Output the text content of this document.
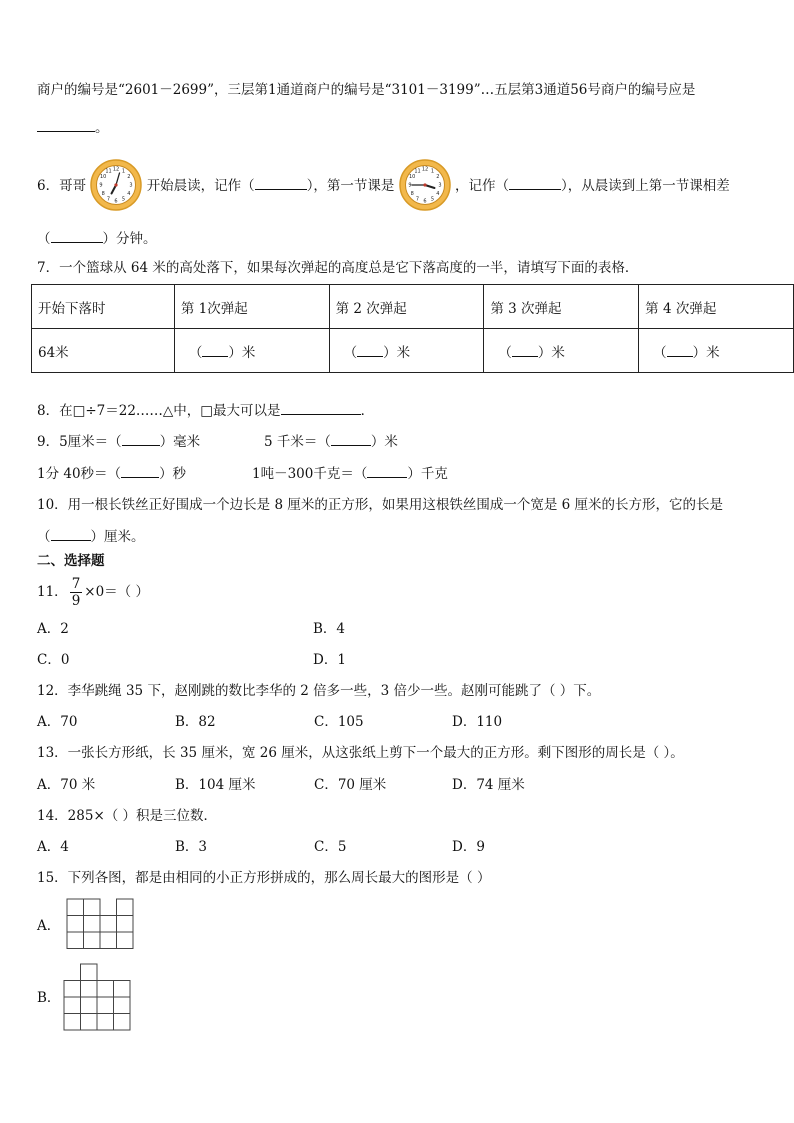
商户的编号是“2601－2699”，三层第1通道商户的编号是“3101－3199”…五层第3通道56号商户的编号应是
。
6．哥哥
12 1
2
3
4
5
6
7
8
9
10
11
开始晨读，记作（	），第一节课是
12 1
2
3
4
5
6
7
8
9
10
11
，记作（	），从晨读到上第一节课相差
（	）分钟。
7．一个篮球从 64 米的高处落下，如果每次弹起的高度总是它下落高度的一半，请填写下面的表格．
开始下落时	第 1次弹起	第 2 次弹起	第 3 次弹起	第 4 次弹起
64米	（ ）米	（ ）米	（ ）米	（ ）米
8．在□÷7＝22……△中，□最大可以是	．
9．5厘米＝（	）毫米	5 千米＝（	）米
1分 40秒＝（	）秒	1吨－300千克＝（	）千克
10．用一根长铁丝正好围成一个边长是 8 厘米的正方形，如果用这根铁丝围成一个宽是 6 厘米的长方形，它的长是
（	）厘米。
二、选择题
11． $\frac{7}{9} \times 0=$（ ）
A．2	B．4
C．0	D．1
12．李华跳绳 35 下，赵刚跳的数比李华的 2 倍多一些，3 倍少一些。赵刚可能跳了（ ）下。
A．70	B．82	C．105	D．110
13．一张长方形纸，长 35 厘米，宽 26 厘米，从这张纸上剪下一个最大的正方形。剩下图形的周长是（ ）。
A．70 米	B．104 厘米	C．70 厘米	D．74 厘米
14．285×（ ）积是三位数．
A．4	B．3	C．5	D．9
15．下列各图，都是由相同的小正方形拼成的，那么周长最大的图形是（ ）
A．
B．
